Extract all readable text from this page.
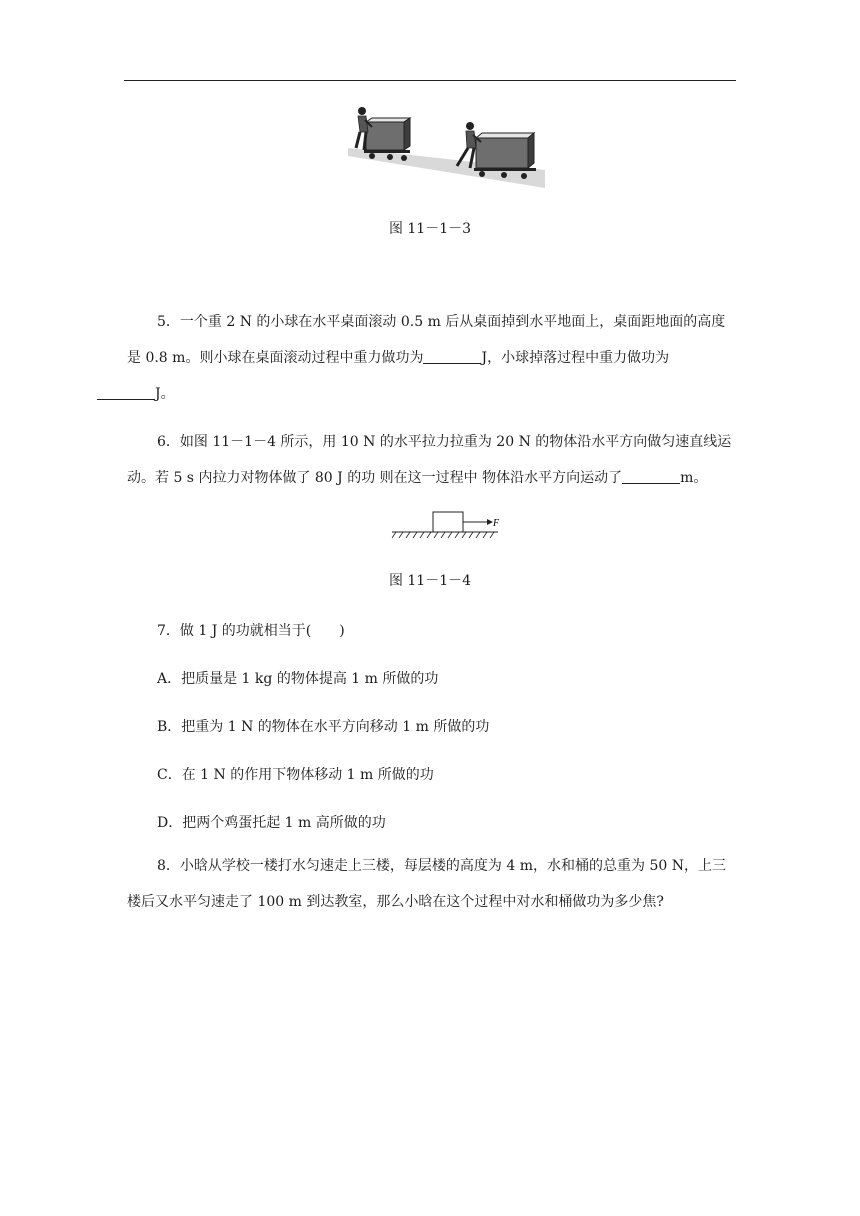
图 11－1－3

5．一个重 2 N 的小球在水平桌面滚动 0.5 m 后从桌面掉到水平地面上，桌面距地面的高度是 0.8 m。则小球在桌面滚动过程中重力做功为	J，小球掉落过程中重力做功为
J。

6．如图 11－1－4 所示，用 10 N 的水平拉力拉重为 20 N 的物体沿水平方向做匀速直线运动。若 5 s 内拉力对物体做了 80 J 的功 则在这一过程中 物体沿水平方向运动了	m。

F
图 11－1－4
7．做 1 J 的功就相当于(　　)
A．把质量是 1 kg 的物体提高 1 m 所做的功
B．把重为 1 N 的物体在水平方向移动 1 m 所做的功
C．在 1 N 的作用下物体移动 1 m 所做的功
D．把两个鸡蛋托起 1 m 高所做的功

8．小晗从学校一楼打水匀速走上三楼，每层楼的高度为 4 m，水和桶的总重为 50 N，上三楼后又水平匀速走了 100 m 到达教室，那么小晗在这个过程中对水和桶做功为多少焦?
